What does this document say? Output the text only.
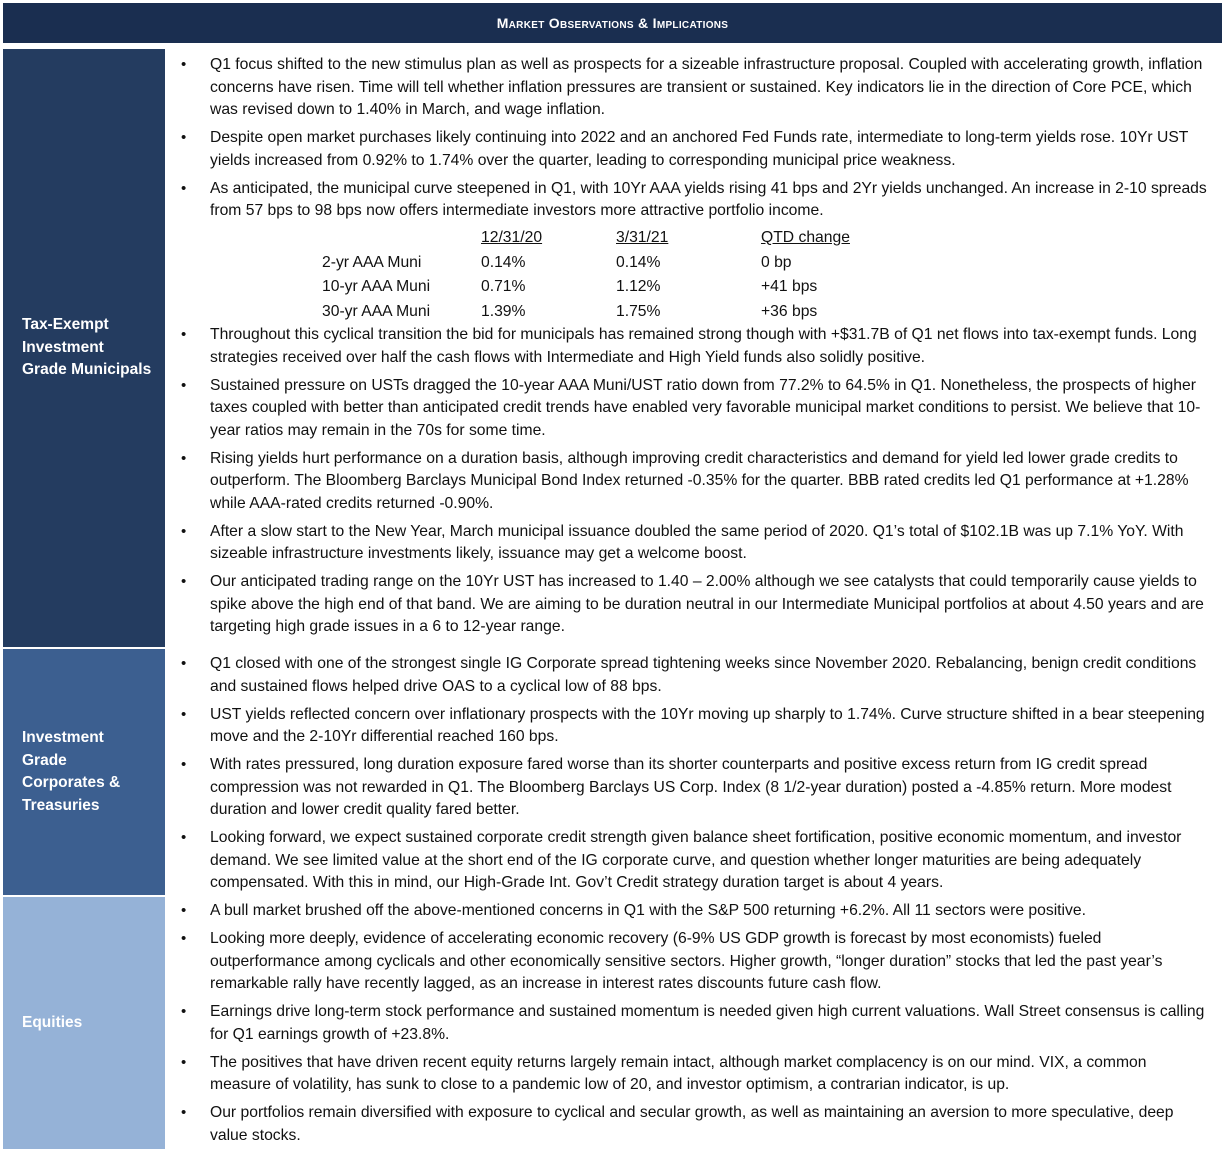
Market Observations & Implications
Tax-Exempt Investment Grade Municipals
• Q1 focus shifted to the new stimulus plan as well as prospects for a sizeable infrastructure proposal. Coupled with accelerating growth, inflation concerns have risen. Time will tell whether inflation pressures are transient or sustained. Key indicators lie in the direction of Core PCE, which was revised down to 1.40% in March, and wage inflation.
• Despite open market purchases likely continuing into 2022 and an anchored Fed Funds rate, intermediate to long-term yields rose. 10Yr UST yields increased from 0.92% to 1.74% over the quarter, leading to corresponding municipal price weakness.
• As anticipated, the municipal curve steepened in Q1, with 10Yr AAA yields rising 41 bps and 2Yr yields unchanged. An increase in 2-10 spreads from 57 bps to 98 bps now offers intermediate investors more attractive portfolio income.
	12/31/20	3/31/21	QTD change
2-yr AAA Muni	0.14%	0.14%	0 bp
10-yr AAA Muni	0.71%	1.12%	+41 bps
30-yr AAA Muni	1.39%	1.75%	+36 bps
• Throughout this cyclical transition the bid for municipals has remained strong though with +$31.7B of Q1 net flows into tax-exempt funds. Long strategies received over half the cash flows with Intermediate and High Yield funds also solidly positive.
• Sustained pressure on USTs dragged the 10-year AAA Muni/UST ratio down from 77.2% to 64.5% in Q1. Nonetheless, the prospects of higher taxes coupled with better than anticipated credit trends have enabled very favorable municipal market conditions to persist. We believe that 10-year ratios may remain in the 70s for some time.
• Rising yields hurt performance on a duration basis, although improving credit characteristics and demand for yield led lower grade credits to outperform. The Bloomberg Barclays Municipal Bond Index returned -0.35% for the quarter. BBB rated credits led Q1 performance at +1.28% while AAA-rated credits returned -0.90%.
• After a slow start to the New Year, March municipal issuance doubled the same period of 2020. Q1’s total of $102.1B was up 7.1% YoY. With sizeable infrastructure investments likely, issuance may get a welcome boost.
• Our anticipated trading range on the 10Yr UST has increased to 1.40 – 2.00% although we see catalysts that could temporarily cause yields to spike above the high end of that band. We are aiming to be duration neutral in our Intermediate Municipal portfolios at about 4.50 years and are targeting high grade issues in a 6 to 12-year range.
Investment Grade Corporates & Treasuries
• Q1 closed with one of the strongest single IG Corporate spread tightening weeks since November 2020. Rebalancing, benign credit conditions and sustained flows helped drive OAS to a cyclical low of 88 bps.
• UST yields reflected concern over inflationary prospects with the 10Yr moving up sharply to 1.74%. Curve structure shifted in a bear steepening move and the 2-10Yr differential reached 160 bps.
• With rates pressured, long duration exposure fared worse than its shorter counterparts and positive excess return from IG credit spread compression was not rewarded in Q1. The Bloomberg Barclays US Corp. Index (8 1/2-year duration) posted a -4.85% return. More modest duration and lower credit quality fared better.
• Looking forward, we expect sustained corporate credit strength given balance sheet fortification, positive economic momentum, and investor demand. We see limited value at the short end of the IG corporate curve, and question whether longer maturities are being adequately compensated. With this in mind, our High-Grade Int. Gov’t Credit strategy duration target is about 4 years.
Equities
• A bull market brushed off the above-mentioned concerns in Q1 with the S&P 500 returning +6.2%. All 11 sectors were positive.
• Looking more deeply, evidence of accelerating economic recovery (6-9% US GDP growth is forecast by most economists) fueled outperformance among cyclicals and other economically sensitive sectors. Higher growth, “longer duration” stocks that led the past year’s remarkable rally have recently lagged, as an increase in interest rates discounts future cash flow.
• Earnings drive long-term stock performance and sustained momentum is needed given high current valuations. Wall Street consensus is calling for Q1 earnings growth of +23.8%.
• The positives that have driven recent equity returns largely remain intact, although market complacency is on our mind. VIX, a common measure of volatility, has sunk to close to a pandemic low of 20, and investor optimism, a contrarian indicator, is up.
• Our portfolios remain diversified with exposure to cyclical and secular growth, as well as maintaining an aversion to more speculative, deep value stocks.
